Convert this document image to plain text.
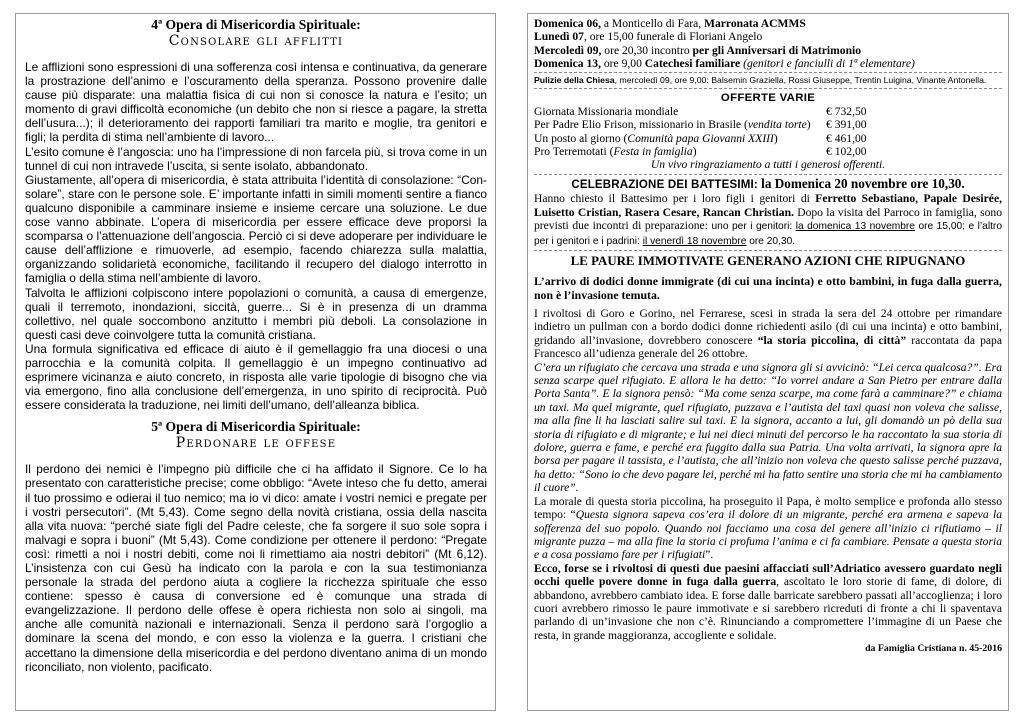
4ª Opera di Misericordia Spirituale:
Consolare gli afflitti

Le afflizioni sono espressioni di una sofferenza così intensa e continuativa, da generare la prostrazione dell’animo e l’oscuramento della speranza. Possono provenire dalle cause più disparate: una malattia fisica di cui non si conosce la natura e l’esito; un momento di gravi difficoltà economiche (un debito che non si riesce a pagare, la stretta dell’usura...); il deterioramento dei rapporti familiari tra marito e moglie, tra genitori e figli; la perdita di stima nell’ambiente di lavoro...

L’esito comune è l’angoscia: uno ha l’impressione di non farcela più, si trova come in un tunnel di cui non intravede l’uscita, si sente isolato, abbandonato.

Giustamente, all’opera di misericordia, è stata attribuita l’identità di consolazione: “Con-solare”, stare con le persone sole. E’ importante infatti in simili momenti sentire a fianco qualcuno disponibile a camminare insieme e insieme cercare una soluzione. Le due cose vanno abbinate. L’opera di misericordia per essere efficace deve proporsi la scomparsa o l’attenuazione dell’angoscia. Perciò ci si deve adoperare per individuare le cause dell’afflizione e rimuoverle, ad esempio, facendo chiarezza sulla malattia, organizzando solidarietà economiche, facilitando il recupero del dialogo interrotto in famiglia o della stima nell’ambiente di lavoro.

Talvolta le afflizioni colpiscono intere popolazioni o comunità, a causa di emergenze, quali il terremoto, inondazioni, siccità, guerre... Si è in presenza di un dramma collettivo, nel quale soccombono anzitutto i membri più deboli. La consolazione in questi casi deve coinvolgere tutta la comunità cristiana.

Una formula significativa ed efficace di aiuto è il gemellaggio fra una diocesi o una parrocchia e la comunità colpita. Il gemellaggio è un impegno continuativo ad esprimere vicinanza e aiuto concreto, in risposta alle varie tipologie di bisogno che via via emergono, fino alla conclusione dell’emergenza, in uno spirito di reciprocità. Può essere considerata la traduzione, nei limiti dell’umano, dell’alleanza biblica.

5ª Opera di Misericordia Spirituale:
Perdonare le offese

Il perdono dei nemici è l’impegno più difficile che ci ha affidato il Signore. Ce lo ha presentato con caratteristiche precise; come obbligo: “Avete inteso che fu detto, amerai il tuo prossimo e odierai il tuo nemico; ma io vi dico: amate i vostri nemici e pregate per i vostri persecutori”. (Mt 5,43). Come segno della novità cristiana, ossia della nascita alla vita nuova: “perché siate figli del Padre celeste, che fa sorgere il suo sole sopra i malvagi e sopra i buoni” (Mt 5,43). Come condizione per ottenere il perdono: “Pregate così: rimetti a noi i nostri debiti, come noi li rimettiamo aia nostri debitori” (Mt 6,12). L’insistenza con cui Gesù ha indicato con la parola e con la sua testimonianza personale la strada del perdono aiuta a cogliere la ricchezza spirituale che esso contiene: spesso è causa di conversione ed è comunque una strada di evangelizzazione. Il perdono delle offese è opera richiesta non solo ai singoli, ma anche alle comunità nazionali e internazionali. Senza il perdono sarà l’orgoglio a dominare la scena del mondo, e con esso la violenza e la guerra. I cristiani che accettano la dimensione della misericordia e del perdono diventano anima di un mondo riconciliato, non violento, pacificato.

Domenica 06, a Monticello di Fara, Marronata ACMMS
Lunedì 07, ore 15,00 funerale di Floriani Angelo
Mercoledì 09, ore 20,30 incontro per gli Anniversari di Matrimonio
Domenica 13, ore 9,00 Catechesi familiare (genitori e fanciulli di 1ª elementare)
Pulizie della Chiesa, mercoledì 09, ore 9,00: Balsemin Graziella, Rossi Giuseppe, Trentin Luigina, Vinante Antonella.
OFFERTE VARIE
Giornata Missionaria mondiale	€ 732,50
Per Padre Elio Frison, missionario in Brasile (vendita torte)	€ 391,00
Un posto al giorno (Comunità papa Giovanni XXIII)	€ 461,00
Pro Terremotati (Festa in famiglia)	€ 102,00
Un vivo ringraziamento a tutti i generosi offerenti.
CELEBRAZIONE DEI BATTESIMI: la Domenica 20 novembre ore 10,30.
Hanno chiesto il Battesimo per i loro figli i genitori di Ferretto Sebastiano, Papale Desirée, Luisetto Cristian, Rasera Cesare, Rancan Christian. Dopo la visita del Parroco in famiglia, sono previsti due incontri di preparazione: uno per i genitori: la domenica 13 novembre ore 15,00; e l’altro per i genitori e i padrini: il venerdì 18 novembre ore 20,30.
LE PAURE IMMOTIVATE GENERANO AZIONI CHE RIPUGNANO
L’arrivo di dodici donne immigrate (di cui una incinta) e otto bambini, in fuga dalla guerra, non è l’invasione temuta.

I rivoltosi di Goro e Gorino, nel Ferrarese, scesi in strada la sera del 24 ottobre per rimandare indietro un pullman con a bordo dodici donne richiedenti asilo (di cui una incinta) e otto bambini, gridando all’invasione, dovrebbero conoscere “la storia piccolina, di città” raccontata da papa Francesco all’udienza generale del 26 ottobre.

C’era un rifugiato che cercava una strada e una signora gli si avvicinò: “Lei cerca qualcosa?”. Era senza scarpe quel rifugiato. E allora le ha detto: “Io vorrei andare a San Pietro per entrare dalla Porta Santa”. E la signora pensò: “Ma come senza scarpe, ma come farà a camminare?” e chiama un taxi. Ma quel migrante, quel rifugiato, puzzava e l’autista del taxi quasi non voleva che salisse, ma alla fine li ha lasciati salire sul taxi. E la signora, accanto a lui, gli domandò un pò della sua storia di rifugiato e di migrante; e lui nei dieci minuti del percorso le ha raccontato la sua storia di dolore, guerra e fame, e perché era fuggito dalla sua Patria. Una volta arrivati, la signora apre la borsa per pagare il tassista, e l’autista, che all’inizio non voleva che questo salisse perché puzzava, ha detto: “Sono io che devo pagare lei, perché mi ha fatto sentire una storia che mi ha cambiamento il cuore”.

La morale di questa storia piccolina, ha proseguito il Papa, è molto semplice e profonda allo stesso tempo: “Questa signora sapeva cos’era il dolore di un migrante, perché era armena e sapeva la sofferenza del suo popolo. Quando noi facciamo una cosa del genere all’inizio ci rifiutiamo – il migrante puzza – ma alla fine la storia ci profuma l’anima e ci fa cambiare. Pensate a questa storia e a cosa possiamo fare per i rifugiati”.

Ecco, forse se i rivoltosi di questi due paesini affacciati sull’Adriatico avessero guardato negli occhi quelle povere donne in fuga dalla guerra, ascoltato le loro storie di fame, di dolore, di abbandono, avrebbero cambiato idea. E forse dalle barricate sarebbero passati all’accoglienza; i loro cuori avrebbero rimosso le paure immotivate e si sarebbero ricreduti di fronte a chi li spaventava parlando di un’invasione che non c’è. Rinunciando a compromettere l’immagine di un Paese che resta, in grande maggioranza, accogliente e solidale.

da Famiglia Cristiana n. 45-2016
